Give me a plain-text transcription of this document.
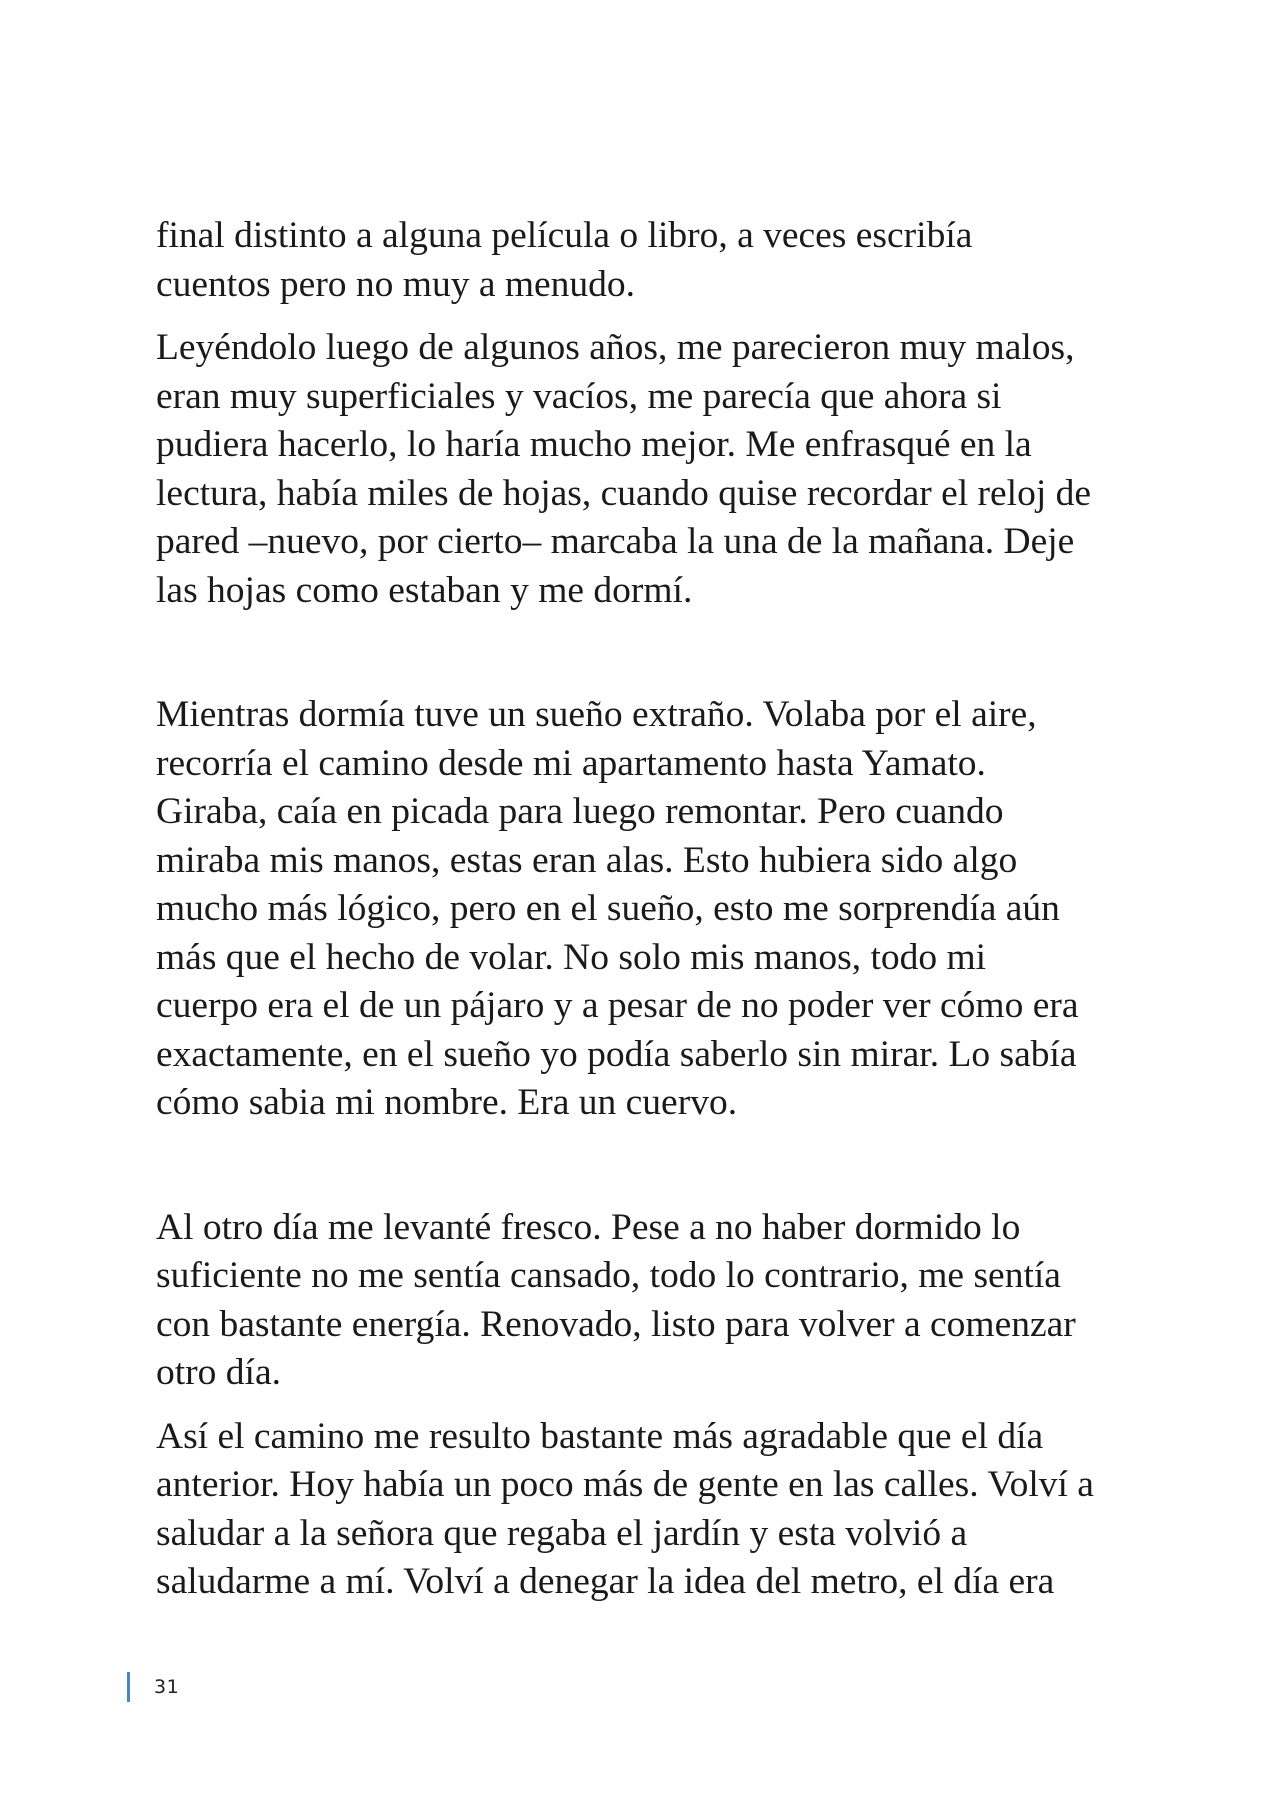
final distinto a alguna película o libro, a veces escribía
cuentos pero no muy a menudo.

Leyéndolo luego de algunos años, me parecieron muy malos,
eran muy superficiales y vacíos, me parecía que ahora si
pudiera hacerlo, lo haría mucho mejor. Me enfrasqué en la
lectura, había miles de hojas, cuando quise recordar el reloj de
pared –nuevo, por cierto– marcaba la una de la mañana. Deje
las hojas como estaban y me dormí.

Mientras dormía tuve un sueño extraño. Volaba por el aire,
recorría el camino desde mi apartamento hasta Yamato.
Giraba, caía en picada para luego remontar. Pero cuando
miraba mis manos, estas eran alas. Esto hubiera sido algo
mucho más lógico, pero en el sueño, esto me sorprendía aún
más que el hecho de volar. No solo mis manos, todo mi
cuerpo era el de un pájaro y a pesar de no poder ver cómo era
exactamente, en el sueño yo podía saberlo sin mirar. Lo sabía
cómo sabia mi nombre. Era un cuervo.

Al otro día me levanté fresco. Pese a no haber dormido lo
suficiente no me sentía cansado, todo lo contrario, me sentía
con bastante energía. Renovado, listo para volver a comenzar
otro día.

Así el camino me resulto bastante más agradable que el día
anterior. Hoy había un poco más de gente en las calles. Volví a
saludar a la señora que regaba el jardín y esta volvió a
saludarme a mí. Volví a denegar la idea del metro, el día era

31
